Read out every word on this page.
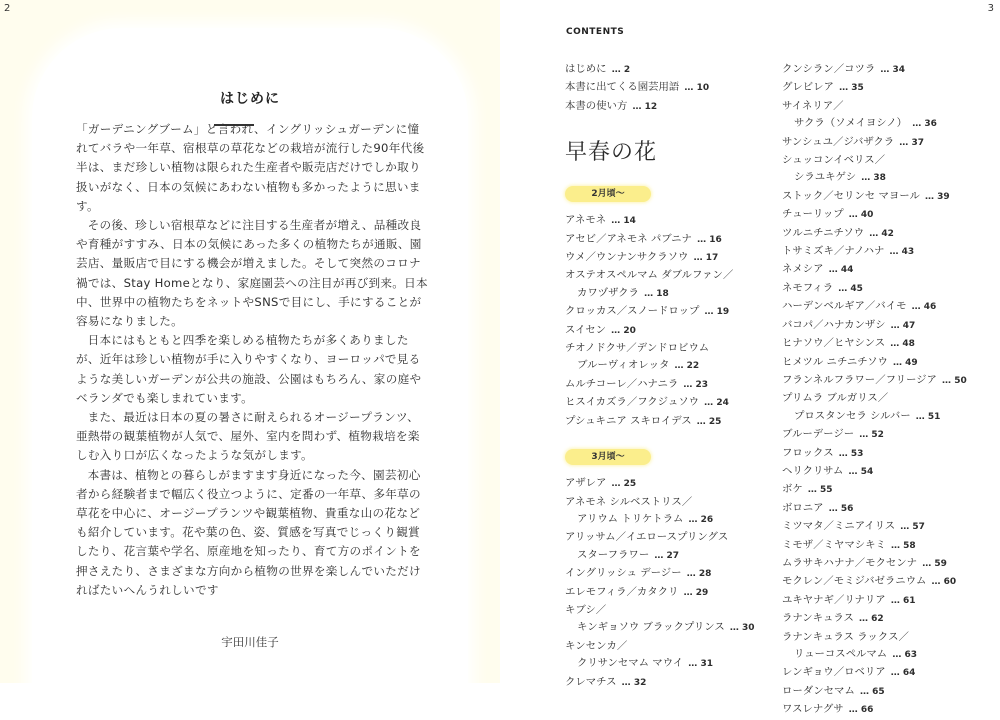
2
はじめに

「ガーデニングブーム」と言われ、イングリッシュガーデンに憧れてバラや一年草、宿根草の草花などの栽培が流行した90年代後半は、まだ珍しい植物は限られた生産者や販売店だけでしか取り扱いがなく、日本の気候にあわない植物も多かったように思います。

その後、珍しい宿根草などに注目する生産者が増え、品種改良や育種がすすみ、日本の気候にあった多くの植物たちが通販、園芸店、量販店で目にする機会が増えました。そして突然のコロナ禍では、Stay Homeとなり、家庭園芸への注目が再び到来。日本中、世界中の植物たちをネットやSNSで目にし、手にすることが容易になりました。

日本にはもともと四季を楽しめる植物たちが多くありましたが、近年は珍しい植物が手に入りやすくなり、ヨーロッパで見るような美しいガーデンが公共の施設、公園はもちろん、家の庭やベランダでも楽しまれています。

また、最近は日本の夏の暑さに耐えられるオージープランツ、亜熱帯の観葉植物が人気で、屋外、室内を問わず、植物栽培を楽しむ入り口が広くなったような気がします。

本書は、植物との暮らしがますます身近になった今、園芸初心者から経験者まで幅広く役立つように、定番の一年草、多年草の草花を中心に、オージープランツや観葉植物、貴重な山の花なども紹介しています。花や葉の色、姿、質感を写真でじっくり観賞したり、花言葉や学名、原産地を知ったり、育て方のポイントを押さえたり、さまざまな方向から植物の世界を楽しんでいただければたいへんうれしいです

宇田川佳子
3
CONTENTS
はじめに … 2
本書に出てくる園芸用語 … 10
本書の使い方 … 12
早春の花
2月頃〜
アネモネ … 14
アセビ／アネモネ パブニナ … 16
ウメ／ウンナンサクラソウ … 17
オステオスペルマム ダブルファン／
カワヅザクラ … 18
クロッカス／スノードロップ … 19
スイセン … 20
チオノドクサ／デンドロビウム
ブルーヴィオレッタ … 22
ムルチコーレ／ハナニラ … 23
ヒスイカズラ／フクジュソウ … 24
プシュキニア スキロイデス … 25
3月頃〜
アザレア … 25
アネモネ シルベストリス／
アリウム トリケトラム … 26
アリッサム／イエロースプリングス
スターフラワー … 27
イングリッシュ デージー … 28
エレモフィラ／カタクリ … 29
キブシ／
キンギョソウ ブラックプリンス … 30
キンセンカ／
クリサンセマム マウイ … 31
クレマチス … 32
クンシラン／コツラ … 34
グレビレア … 35
サイネリア／
サクラ（ソメイヨシノ） … 36
サンシュユ／ジバザクラ … 37
シュッコンイベリス／
シラユキゲシ … 38
ストック／セリンセ マヨール … 39
チューリップ … 40
ツルニチニチソウ … 42
トサミズキ／ナノハナ … 43
ネメシア … 44
ネモフィラ … 45
ハーデンベルギア／バイモ … 46
バコパ／ハナカンザシ … 47
ヒナソウ／ヒヤシンス … 48
ヒメツル ニチニチソウ … 49
フランネルフラワー／フリージア … 50
プリムラ ブルガリス／
プロスタンセラ シルバー … 51
ブルーデージー … 52
フロックス … 53
ヘリクリサム … 54
ボケ … 55
ボロニア … 56
ミツマタ／ミニアイリス … 57
ミモザ／ミヤマシキミ … 58
ムラサキハナナ／モクセンナ … 59
モクレン／モミジバゼラニウム … 60
ユキヤナギ／リナリア … 61
ラナンキュラス … 62
ラナンキュラス ラックス／
リューコスペルマム … 63
レンギョウ／ロベリア … 64
ローダンセマム … 65
ワスレナグサ … 66
